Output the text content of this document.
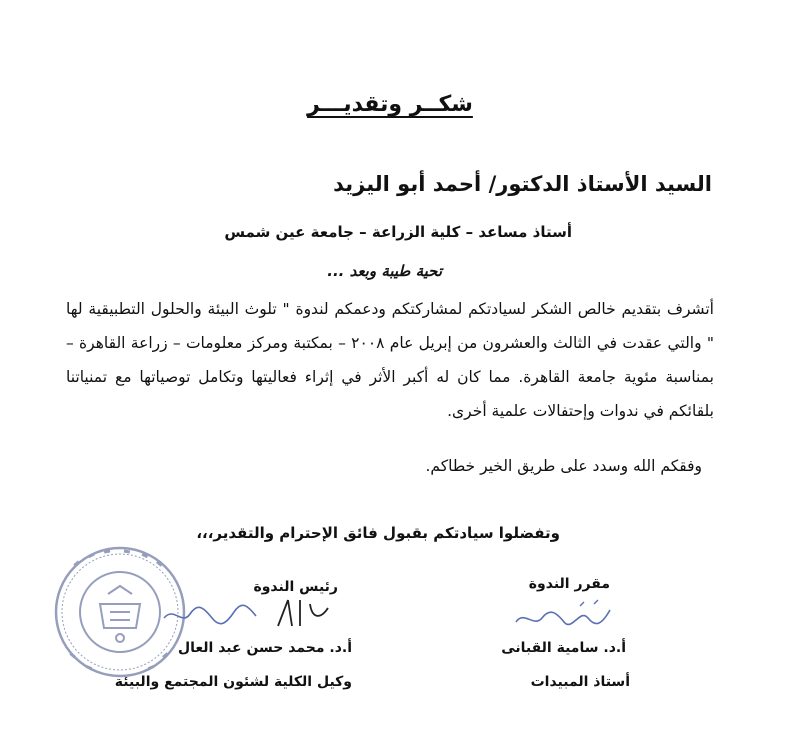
شكــر وتقديـــر
السيد الأستاذ الدكتور/ أحمد أبو اليزيد
أستاذ مساعد – كلية الزراعة – جامعة عين شمس
تحية طيبة وبعد ...

أتشرف بتقديم خالص الشكر لسيادتكم لمشاركتكم ودعمكم لندوة " تلوث البيئة والحلول التطبيقية لها " والتي عقدت في الثالث والعشرون من إبريل عام ٢٠٠٨ – بمكتبة ومركز معلومات – زراعة القاهرة – بمناسبة مئوية جامعة القاهرة. مما كان له أكبر الأثر في إثراء فعاليتها وتكامل توصياتها مع تمنياتنا بلقائكم في ندوات وإحتفالات علمية أخرى.

وفقكم الله وسدد على طريق الخير خطاكم.
وتفضلوا سيادتكم بقبول فائق الإحترام والتقدير،،،
رئيس الندوة
أ.د. محمد حسن عبد العال
وكيل الكلية لشئون المجتمع والبيئة
مقرر الندوة
أ.د. سامية القبانى
أستاذ المبيدات
